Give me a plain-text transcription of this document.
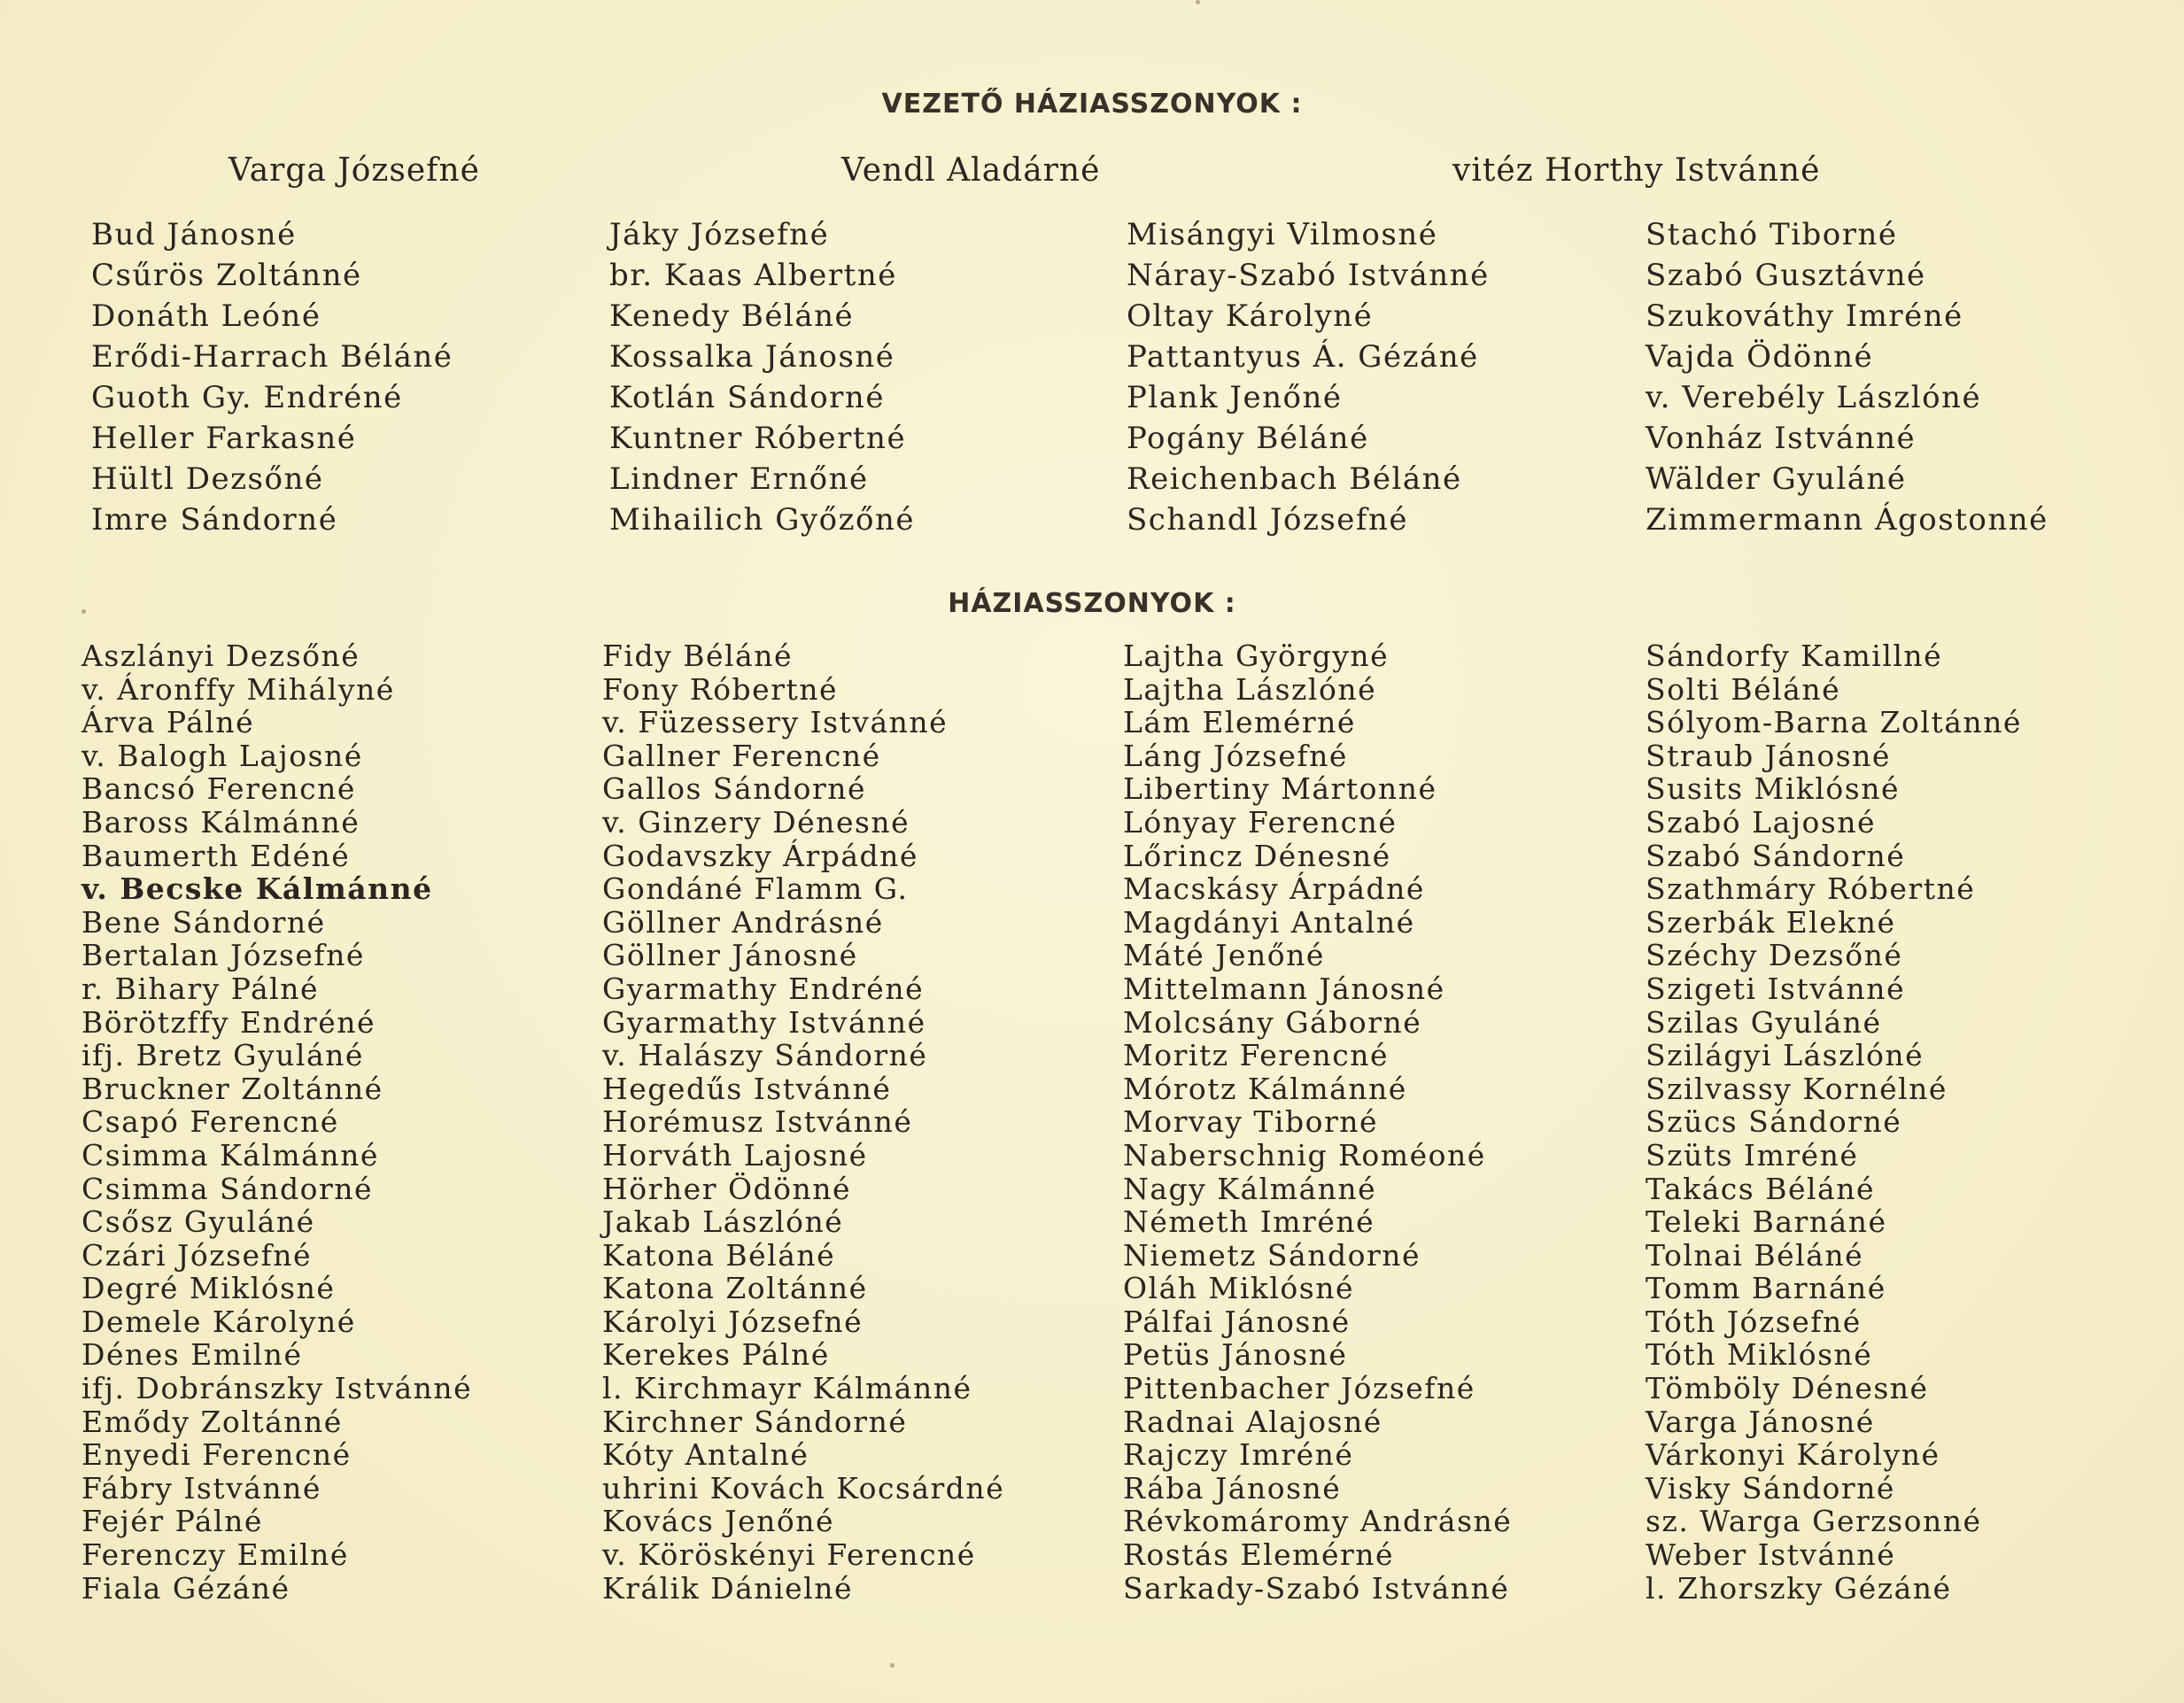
VEZETŐ HÁZIASSZONYOK :
Varga Józsefné	Vendl Aladárné	vitéz Horthy Istvánné
Bud Jánosné
Csűrös Zoltánné
Donáth Leóné
Erődi-Harrach Béláné
Guoth Gy. Endréné
Heller Farkasné
Hültl Dezsőné
Imre Sándorné
Jáky Józsefné
br. Kaas Albertné
Kenedy Béláné
Kossalka Jánosné
Kotlán Sándorné
Kuntner Róbertné
Lindner Ernőné
Mihailich Győzőné
Misángyi Vilmosné
Náray-Szabó Istvánné
Oltay Károlyné
Pattantyus Á. Gézáné
Plank Jenőné
Pogány Béláné
Reichenbach Béláné
Schandl Józsefné
Stachó Tiborné
Szabó Gusztávné
Szukováthy Imréné
Vajda Ödönné
v. Verebély Lászlóné
Vonház Istvánné
Wälder Gyuláné
Zimmermann Ágostonné
HÁZIASSZONYOK :
Aszlányi Dezsőné
v. Áronffy Mihályné
Árva Pálné
v. Balogh Lajosné
Bancsó Ferencné
Baross Kálmánné
Baumerth Edéné
v. Becske Kálmánné
Bene Sándorné
Bertalan Józsefné
r. Bihary Pálné
Börötzffy Endréné
ifj. Bretz Gyuláné
Bruckner Zoltánné
Csapó Ferencné
Csimma Kálmánné
Csimma Sándorné
Csősz Gyuláné
Czári Józsefné
Degré Miklósné
Demele Károlyné
Dénes Emilné
ifj. Dobránszky Istvánné
Emődy Zoltánné
Enyedi Ferencné
Fábry Istvánné
Fejér Pálné
Ferenczy Emilné
Fiala Gézáné
Fidy Béláné
Fony Róbertné
v. Füzessery Istvánné
Gallner Ferencné
Gallos Sándorné
v. Ginzery Dénesné
Godavszky Árpádné
Gondáné Flamm G.
Göllner Andrásné
Göllner Jánosné
Gyarmathy Endréné
Gyarmathy Istvánné
v. Halászy Sándorné
Hegedűs Istvánné
Horémusz Istvánné
Horváth Lajosné
Hörher Ödönné
Jakab Lászlóné
Katona Béláné
Katona Zoltánné
Károlyi Józsefné
Kerekes Pálné
l. Kirchmayr Kálmánné
Kirchner Sándorné
Kóty Antalné
uhrini Kovách Kocsárdné
Kovács Jenőné
v. Köröskényi Ferencné
Králik Dánielné
Lajtha Györgyné
Lajtha Lászlóné
Lám Elemérné
Láng Józsefné
Libertiny Mártonné
Lónyay Ferencné
Lőrincz Dénesné
Macskásy Árpádné
Magdányi Antalné
Máté Jenőné
Mittelmann Jánosné
Molcsány Gáborné
Moritz Ferencné
Mórotz Kálmánné
Morvay Tiborné
Naberschnig Roméoné
Nagy Kálmánné
Németh Imréné
Niemetz Sándorné
Oláh Miklósné
Pálfai Jánosné
Petüs Jánosné
Pittenbacher Józsefné
Radnai Alajosné
Rajczy Imréné
Rába Jánosné
Révkomáromy Andrásné
Rostás Elemérné
Sarkady-Szabó Istvánné
Sándorfy Kamillné
Solti Béláné
Sólyom-Barna Zoltánné
Straub Jánosné
Susits Miklósné
Szabó Lajosné
Szabó Sándorné
Szathmáry Róbertné
Szerbák Elekné
Széchy Dezsőné
Szigeti Istvánné
Szilas Gyuláné
Szilágyi Lászlóné
Szilvassy Kornélné
Szücs Sándorné
Szüts Imréné
Takács Béláné
Teleki Barnáné
Tolnai Béláné
Tomm Barnáné
Tóth Józsefné
Tóth Miklósné
Tömböly Dénesné
Varga Jánosné
Várkonyi Károlyné
Visky Sándorné
sz. Warga Gerzsonné
Weber Istvánné
l. Zhorszky Gézáné
